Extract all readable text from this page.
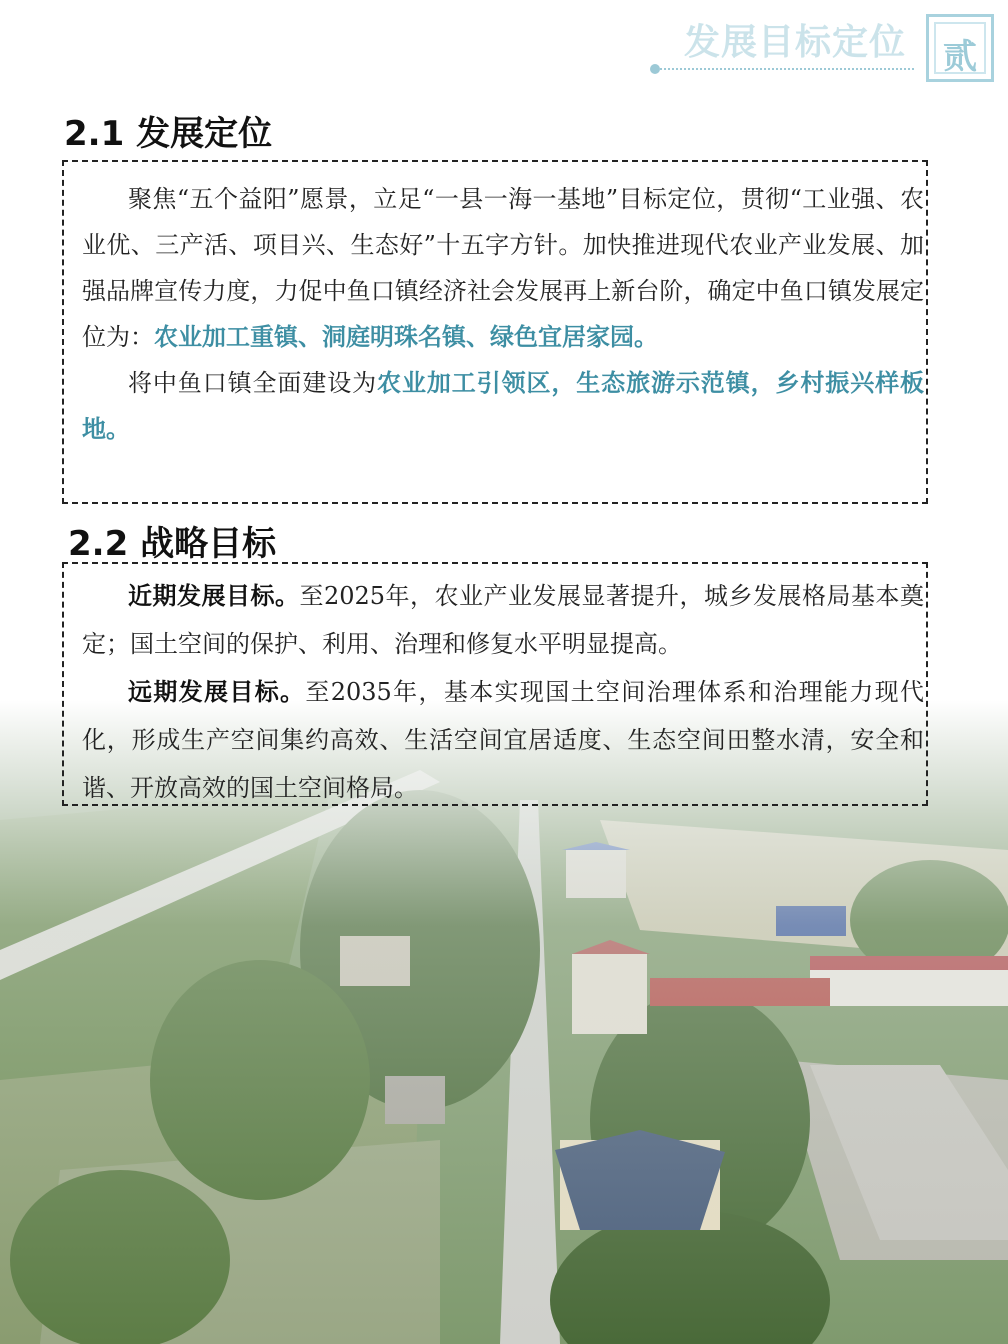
发展目标定位	贰
2.1 发展定位

聚焦“五个益阳”愿景，立足“一县一海一基地”目标定位，贯彻“工业强、农业优、三产活、项目兴、生态好”十五字方针。加快推进现代农业产业发展、加强品牌宣传力度，力促中鱼口镇经济社会发展再上新台阶，确定中鱼口镇发展定位为：农业加工重镇、洞庭明珠名镇、绿色宜居家园。

将中鱼口镇全面建设为农业加工引领区，生态旅游示范镇，乡村振兴样板地。

2.2 战略目标

近期发展目标。至2025年，农业产业发展显著提升，城乡发展格局基本奠定；国土空间的保护、利用、治理和修复水平明显提高。

远期发展目标。至2035年，基本实现国土空间治理体系和治理能力现代化，形成生产空间集约高效、生活空间宜居适度、生态空间田整水清，安全和谐、开放高效的国土空间格局。
